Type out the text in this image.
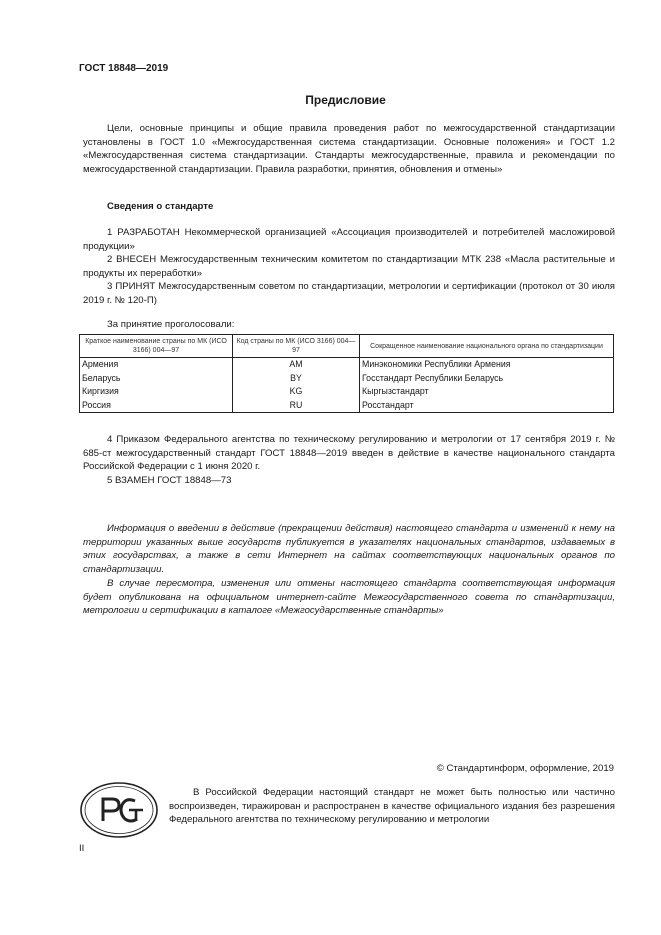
ГОСТ 18848—2019
Предисловие
Цели, основные принципы и общие правила проведения работ по межгосударственной стандартизации установлены в ГОСТ 1.0 «Межгосударственная система стандартизации. Основные положения» и ГОСТ 1.2 «Межгосударственная система стандартизации. Стандарты межгосударственные, правила и рекомендации по межгосударственной стандартизации. Правила разработки, принятия, обновления и отмены»
Сведения о стандарте
1 РАЗРАБОТАН Некоммерческой организацией «Ассоциация производителей и потребителей масложировой продукции»
2 ВНЕСЕН Межгосударственным техническим комитетом по стандартизации МТК 238 «Масла растительные и продукты их переработки»
3 ПРИНЯТ Межгосударственным советом по стандартизации, метрологии и сертификации (протокол от 30 июля 2019 г. № 120-П)
За принятие проголосовали:
Краткое наименование страны по МК (ИСО 3166) 004—97	Код страны по МК (ИСО 3166) 004—97	Сокращенное наименование национального органа по стандартизации
Армения	AM	Минэкономики Республики Армения
Беларусь	BY	Госстандарт Республики Беларусь
Киргизия	KG	Кыргызстандарт
Россия	RU	Росстандарт
4 Приказом Федерального агентства по техническому регулированию и метрологии от 17 сентября 2019 г. № 685-ст межгосударственный стандарт ГОСТ 18848—2019 введен в действие в качестве национального стандарта Российской Федерации с 1 июня 2020 г.
5 ВЗАМЕН ГОСТ 18848—73
Информация о введении в действие (прекращении действия) настоящего стандарта и изменений к нему на территории указанных выше государств публикуется в указателях национальных стандартов, издаваемых в этих государствах, а также в сети Интернет на сайтах соответствующих национальных органов по стандартизации.
В случае пересмотра, изменения или отмены настоящего стандарта соответствующая информация будет опубликована на официальном интернет-сайте Межгосударственного совета по стандартизации, метрологии и сертификации в каталоге «Межгосударственные стандарты»
© Стандартинформ, оформление, 2019
В Российской Федерации настоящий стандарт не может быть полностью или частично воспроизведен, тиражирован и распространен в качестве официального издания без разрешения Федерального агентства по техническому регулированию и метрологии
II
